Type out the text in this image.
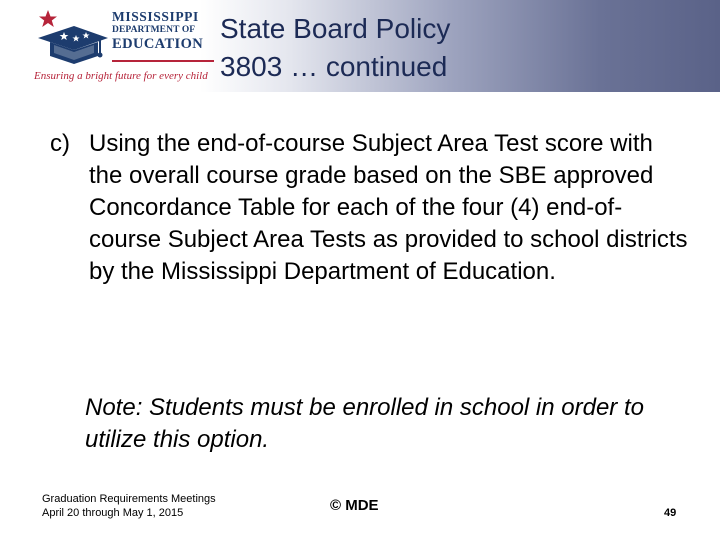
MISSISSIPPI
DEPARTMENT OF
EDUCATION
Ensuring a bright future for every child
State Board Policy
3803 … continued

c) Using the end-of-course Subject Area Test score with the overall course grade based on the SBE approved Concordance Table for each of the four (4) end-of-course Subject Area Tests as provided to school districts by the Mississippi Department of Education.

Note: Students must be enrolled in school in order to utilize this option.

Graduation Requirements Meetings April 20 through May 1, 2015	© MDE	49
